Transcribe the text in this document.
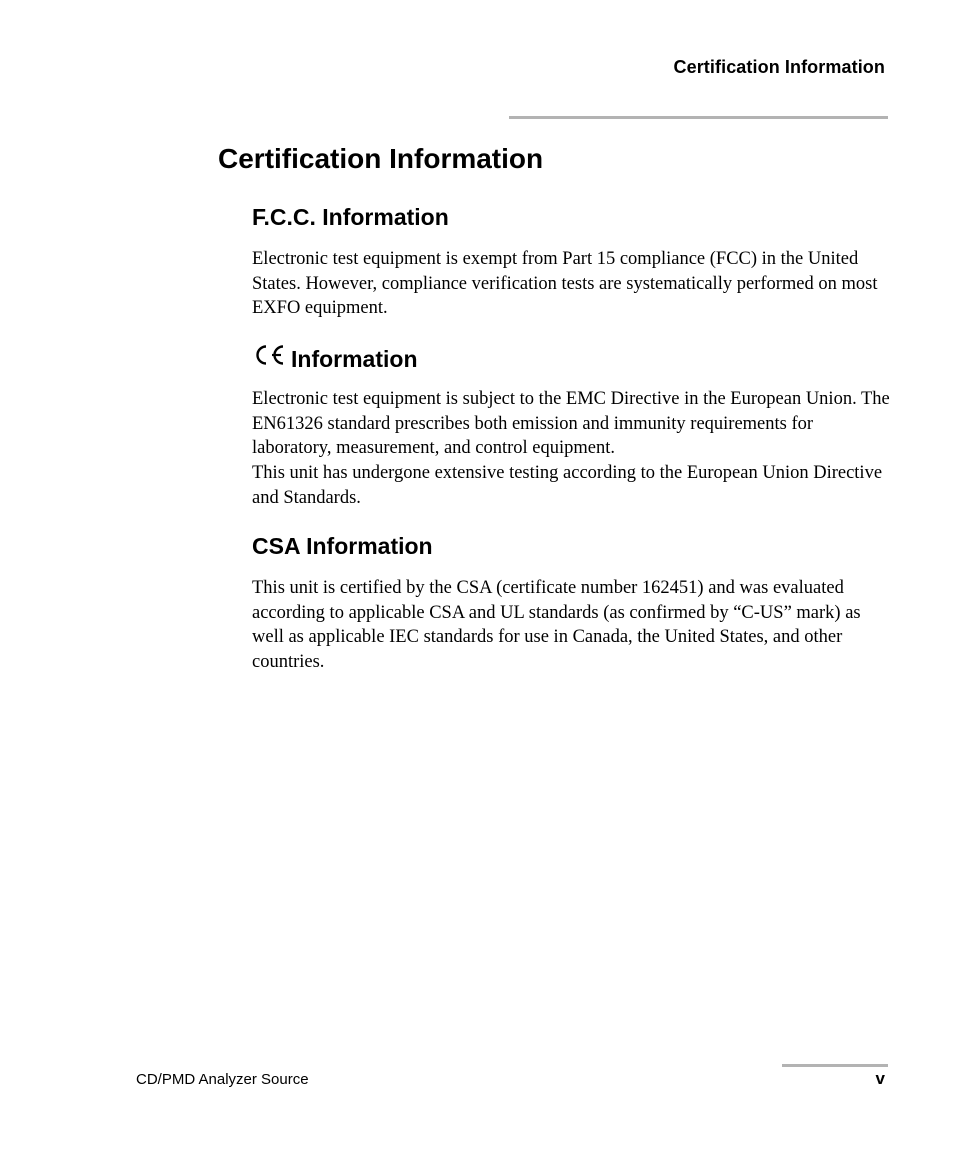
Certification Information
Certification Information
F.C.C. Information

Electronic test equipment is exempt from Part 15 compliance (FCC) in the United States. However, compliance verification tests are systematically performed on most EXFO equipment.

Information

Electronic test equipment is subject to the EMC Directive in the European Union. The EN61326 standard prescribes both emission and immunity requirements for laboratory, measurement, and control equipment.

This unit has undergone extensive testing according to the European Union Directive and Standards.

CSA Information

This unit is certified by the CSA (certificate number 162451) and was evaluated according to applicable CSA and UL standards (as confirmed by “C-US” mark) as well as applicable IEC standards for use in Canada, the United States, and other countries.

CD/PMD Analyzer Source	v
